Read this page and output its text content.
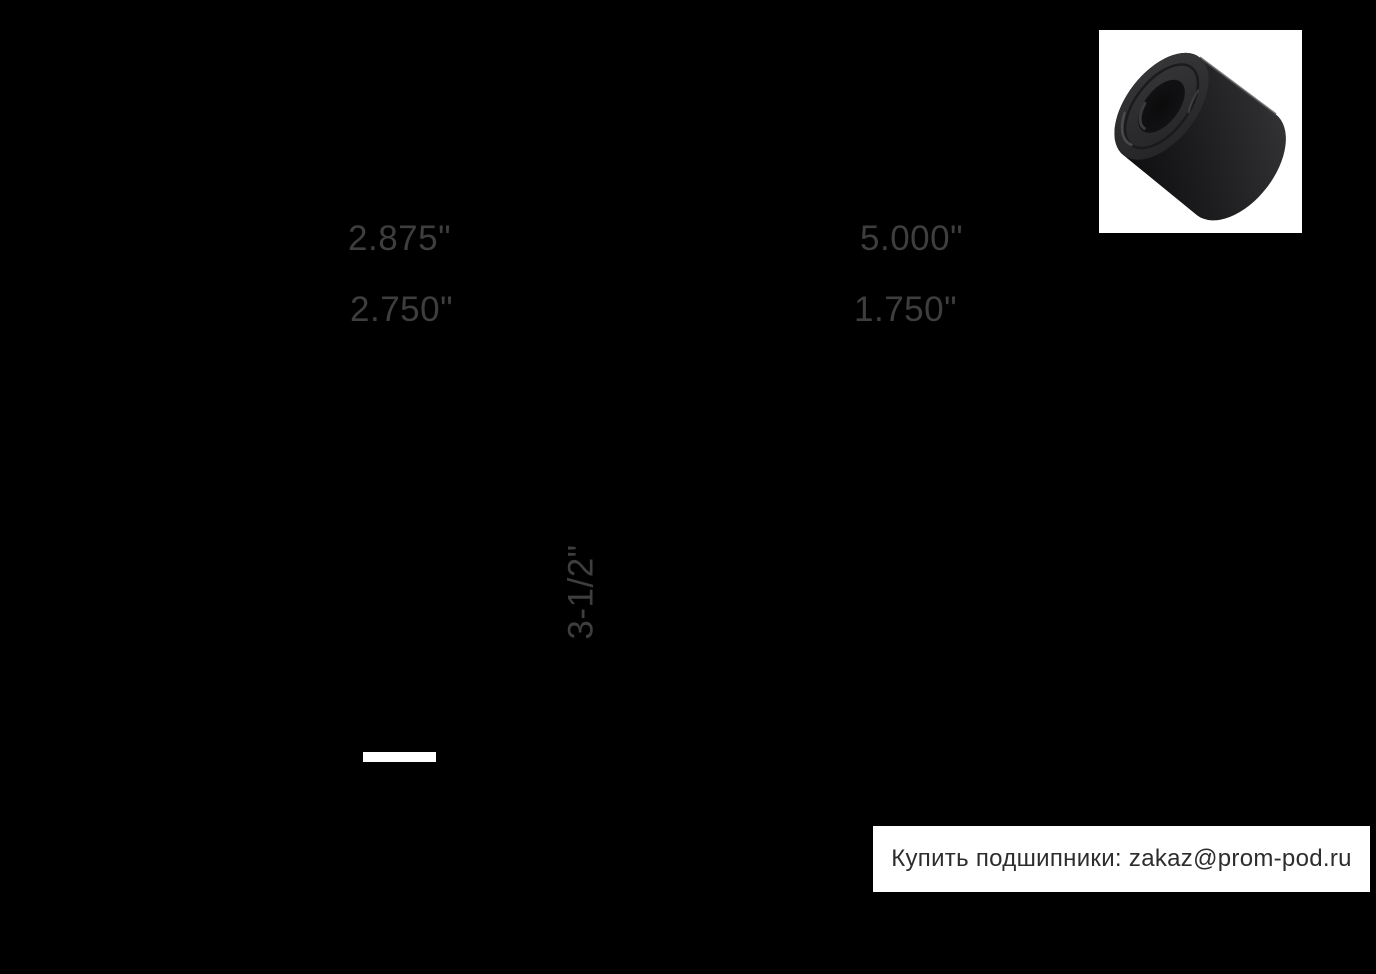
2.875"	5.000"
2.750"	1.750"
3-1/2"
Купить подшипники: zakaz@prom-pod.ru
